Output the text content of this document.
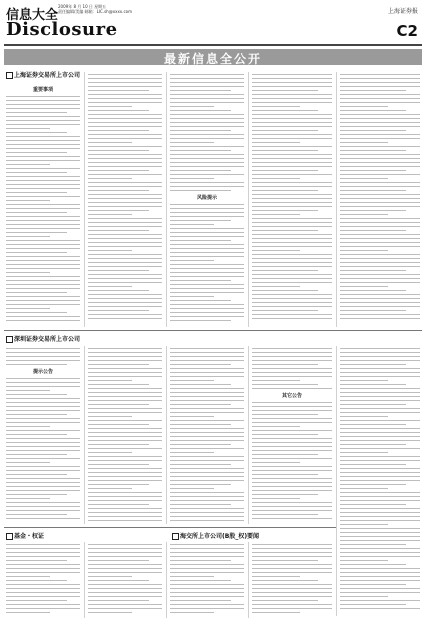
信息大全
2009年 8 月 10 日 星期五
责任编辑/美编 邮箱：LIC.sh@xxxx.com
Disclosure
上海证券报
C2
最新信息全公开
上海证券交易所上市公司
重要事项
风险提示
深圳证券交易所上市公司
提示公告
其它公告
基金・权证	海交所上市公司(B股_权)要闻
